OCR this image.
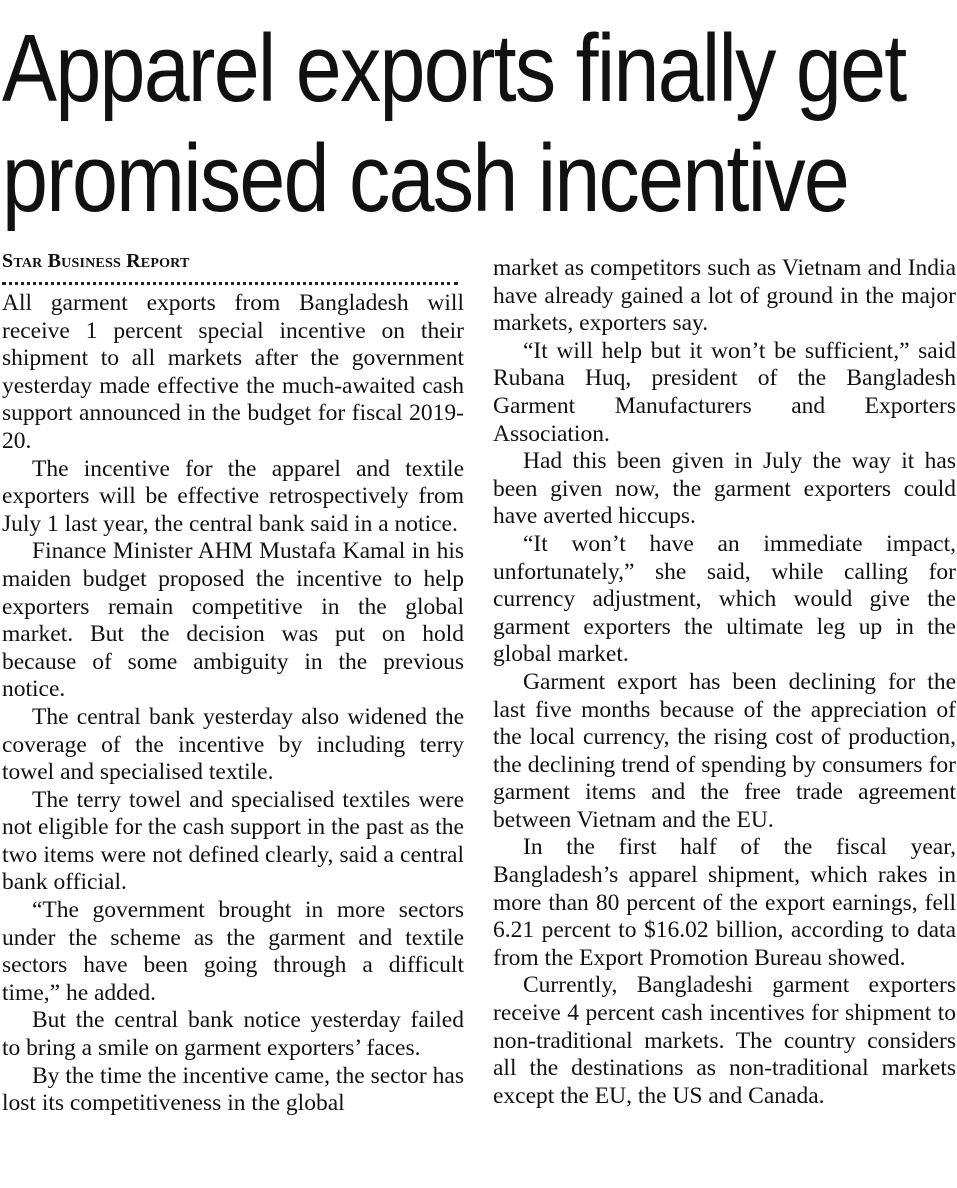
Apparel exports finally get
promised cash incentive
Star Business Report

All garment exports from Bangladesh will receive 1 percent special incentive on their shipment to all markets after the government yesterday made effective the much-awaited cash support announced in the budget for fiscal 2019-20.

The incentive for the apparel and textile exporters will be effective retrospectively from July 1 last year, the central bank said in a notice.

Finance Minister AHM Mustafa Kamal in his maiden budget proposed the incentive to help exporters remain competitive in the global market. But the decision was put on hold because of some ambiguity in the previous notice.

The central bank yesterday also widened the coverage of the incentive by including terry towel and specialised textile.

The terry towel and specialised textiles were not eligible for the cash support in the past as the two items were not defined clearly, said a central bank official.

“The government brought in more sectors under the scheme as the garment and textile sectors have been going through a difficult time,” he added.

But the central bank notice yesterday failed to bring a smile on garment exporters’ faces.

By the time the incentive came, the sector has lost its competitiveness in the global

market as competitors such as Vietnam and India have already gained a lot of ground in the major markets, exporters say.

“It will help but it won’t be sufficient,” said Rubana Huq, president of the Bangladesh Garment Manufacturers and Exporters Association.

Had this been given in July the way it has been given now, the garment exporters could have averted hiccups.

“It won’t have an immediate impact, unfortunately,” she said, while calling for currency adjustment, which would give the garment exporters the ultimate leg up in the global market.

Garment export has been declining for the last five months because of the appreciation of the local currency, the rising cost of production, the declining trend of spending by consumers for garment items and the free trade agreement between Vietnam and the EU.

In the first half of the fiscal year, Bangladesh’s apparel shipment, which rakes in more than 80 percent of the export earnings, fell 6.21 percent to $16.02 billion, according to data from the Export Promotion Bureau showed.

Currently, Bangladeshi garment exporters receive 4 percent cash incentives for shipment to non-traditional markets. The country considers all the destinations as non-traditional markets except the EU, the US and Canada.
